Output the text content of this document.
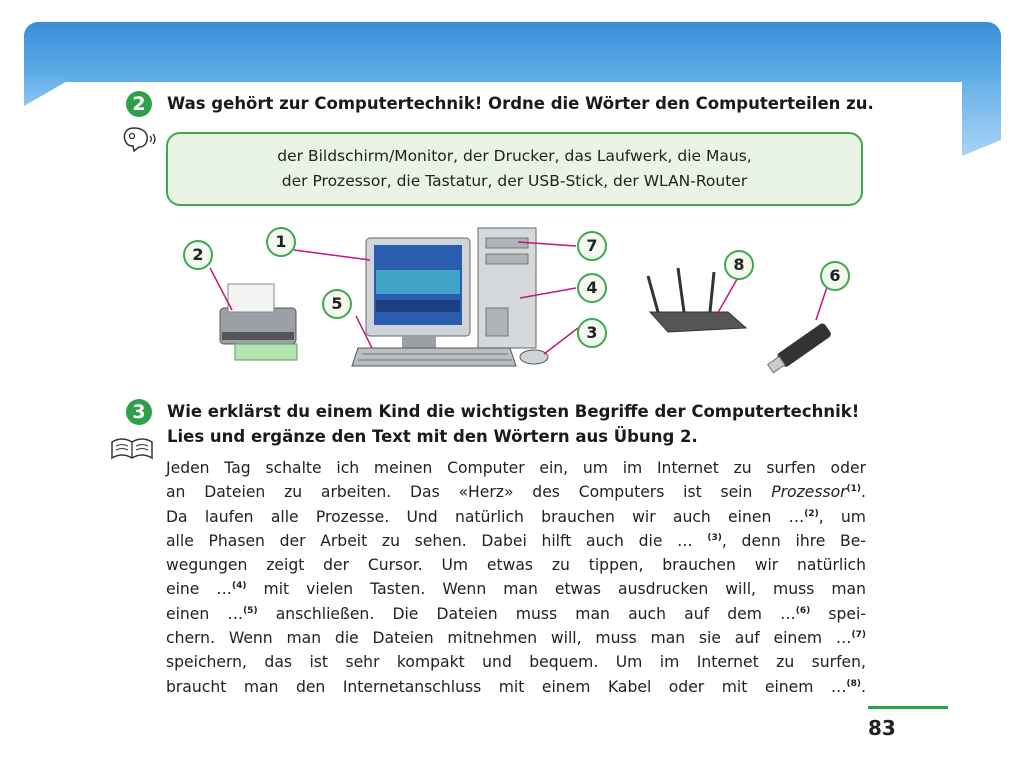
2	Was gehört zur Computertechnik! Ordne die Wörter den Computerteilen zu.
der Bildschirm/Monitor, der Drucker, das Laufwerk, die Maus,
der Prozessor, die Tastatur, der USB-Stick, der WLAN-Router
1
2
3
4
5
6
7
8
3	Wie erklärst du einem Kind die wichtigsten Begriffe der Computertechnik!
Lies und ergänze den Text mit den Wörtern aus Übung 2.
Jeden Tag schalte ich meinen Computer ein, um im Internet zu surfen oder
an Dateien zu arbeiten. Das «Herz» des Computers ist sein Prozessor$^{(1)}$.
Da laufen alle Prozesse. Und natürlich brauchen wir auch einen …$^{(2)}$, um
alle Phasen der Arbeit zu sehen. Dabei hilft auch die … $^{(3)}$, denn ihre Be-
wegungen zeigt der Cursor. Um etwas zu tippen, brauchen wir natürlich
eine …$^{(4)}$ mit vielen Tasten. Wenn man etwas ausdrucken will, muss man
einen …$^{(5)}$ anschließen. Die Dateien muss man auch auf dem …$^{(6)}$ spei-
chern. Wenn man die Dateien mitnehmen will, muss man sie auf einem …$^{(7)}$
speichern, das ist sehr kompakt und bequem. Um im Internet zu surfen,
braucht man den Internetanschluss mit einem Kabel oder mit einem …$^{(8)}$.
83
